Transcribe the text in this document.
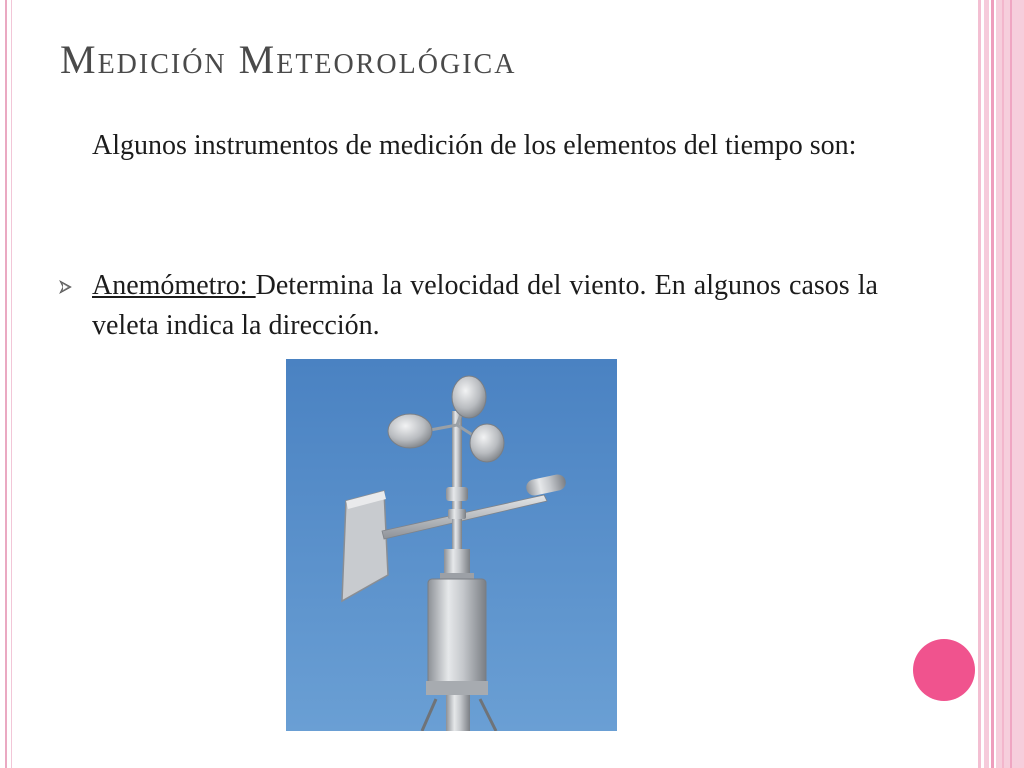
Medición Meteorológica

Algunos instrumentos de medición de los elementos del tiempo son:

Anemómetro: Determina la velocidad del viento. En algunos casos la veleta indica la dirección.
